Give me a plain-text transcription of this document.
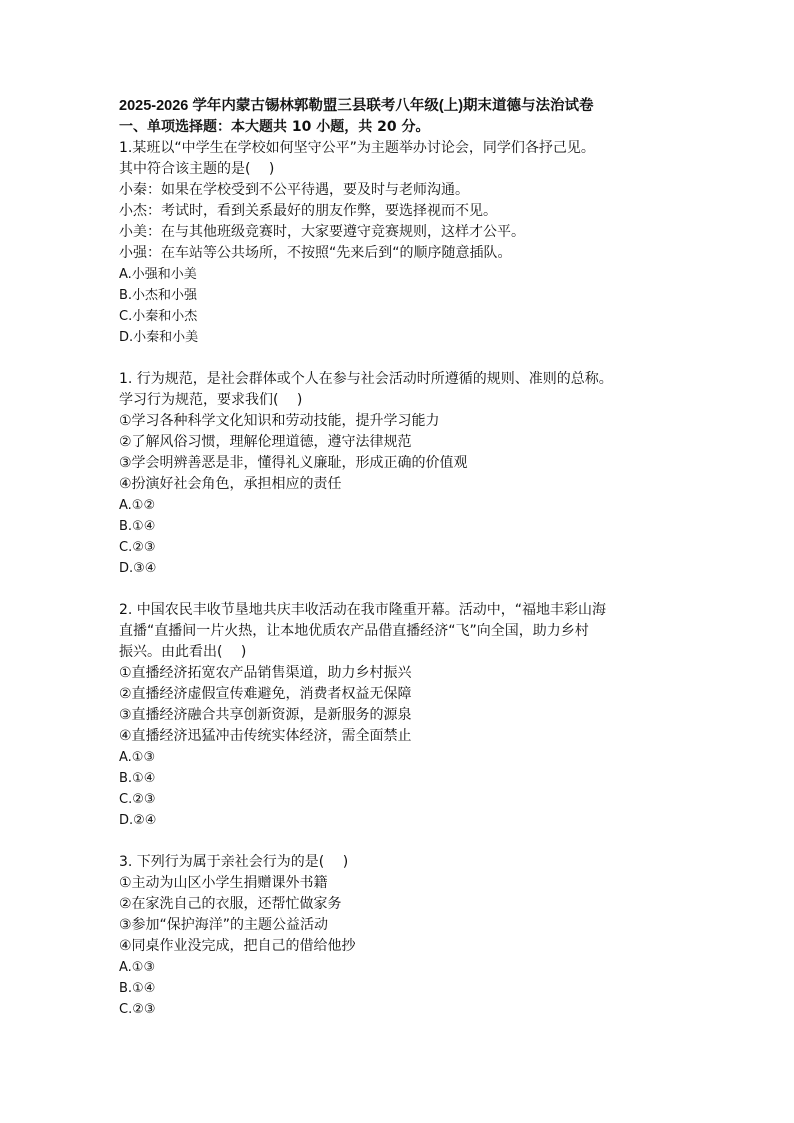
2025-2026 学年内蒙古锡林郭勒盟三县联考八年级(上)期末道德与法治试卷
一、单项选择题：本大题共 10 小题，共 20 分。
1.某班以“中学生在学校如何坚守公平”为主题举办讨论会，同学们各抒己见。
其中符合该主题的是(　 )
小秦：如果在学校受到不公平待遇，要及时与老师沟通。
小杰：考试时，看到关系最好的朋友作弊，要选择视而不见。
小美：在与其他班级竞赛时，大家要遵守竞赛规则，这样才公平。
小强：在车站等公共场所，不按照“先来后到“的顺序随意插队。
A.小强和小美
B.小杰和小强
C.小秦和小杰
D.小秦和小美
1. 行为规范，是社会群体或个人在参与社会活动时所遵循的规则、准则的总称。
学习行为规范，要求我们(　 )
①学习各种科学文化知识和劳动技能，提升学习能力
②了解风俗习惯，理解伦理道德，遵守法律规范
③学会明辨善恶是非，懂得礼义廉耻，形成正确的价值观
④扮演好社会角色，承担相应的责任
A.①②
B.①④
C.②③
D.③④
2. 中国农民丰收节垦地共庆丰收活动在我市隆重开幕。活动中，“福地丰彩山海
直播“直播间一片火热，让本地优质农产品借直播经济“飞”向全国，助力乡村
振兴。由此看出(　 )
①直播经济拓宽农产品销售渠道，助力乡村振兴
②直播经济虚假宣传难避免，消费者权益无保障
③直播经济融合共享创新资源，是新服务的源泉
④直播经济迅猛冲击传统实体经济，需全面禁止
A.①③
B.①④
C.②③
D.②④
3. 下列行为属于亲社会行为的是(　 )
①主动为山区小学生捐赠课外书籍
②在家洗自己的衣服，还帮忙做家务
③参加“保护海洋”的主题公益活动
④同桌作业没完成，把自己的借给他抄
A.①③
B.①④
C.②③
